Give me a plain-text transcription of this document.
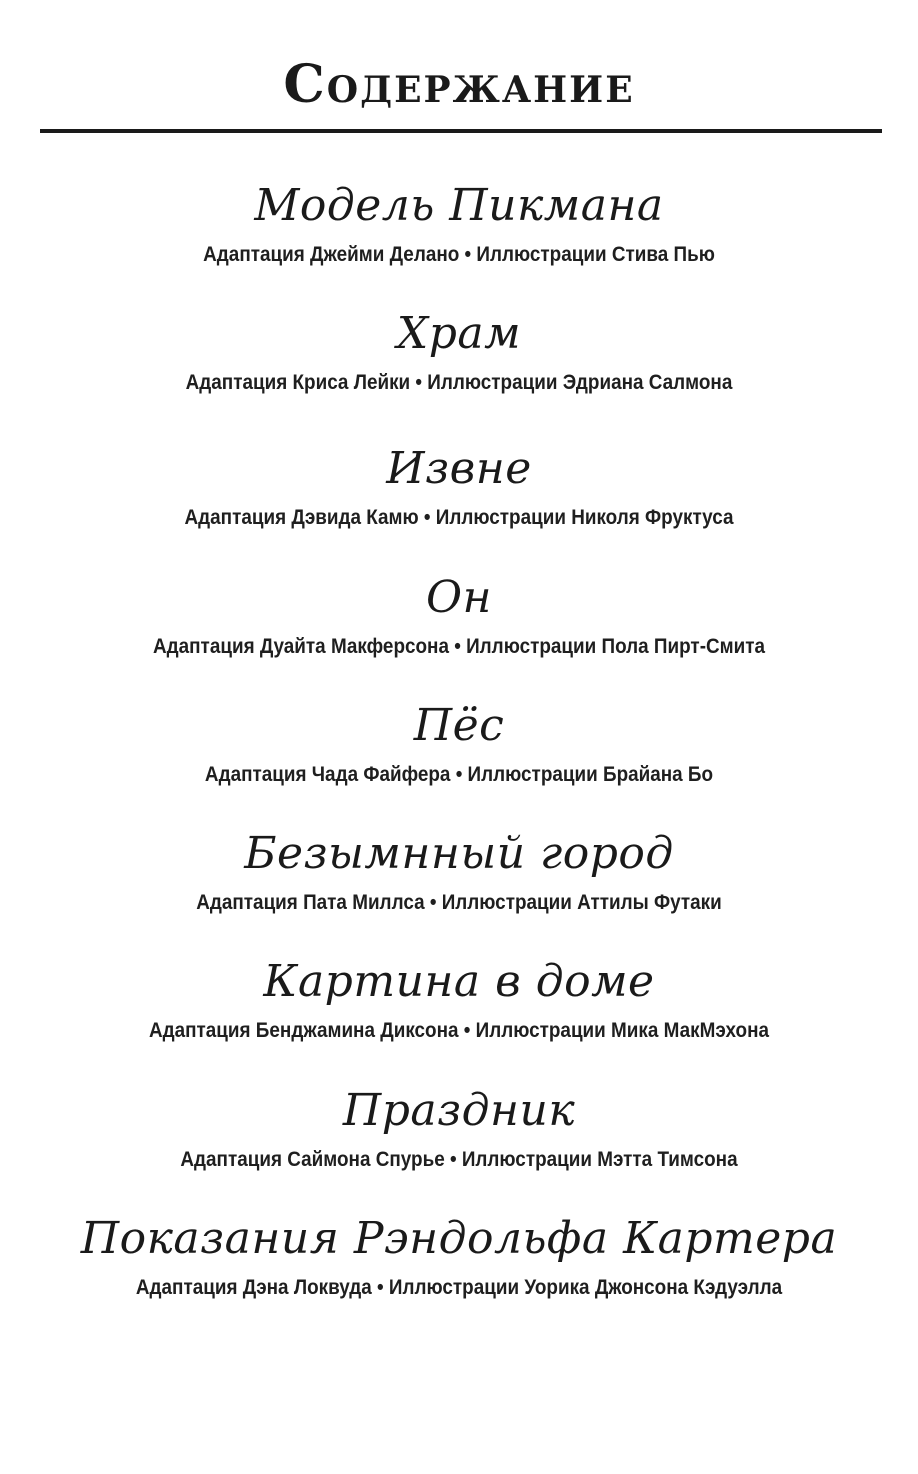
Содержание
Модель Пикмана
Адаптация Джейми Делано • Иллюстрации Стива Пью
Храм
Адаптация Криса Лейки • Иллюстрации Эдриана Салмона
Извне
Адаптация Дэвида Камю • Иллюстрации Николя Фруктуса
Он
Адаптация Дуайта Макферсона • Иллюстрации Пола Пирт-Смита
Пёс
Адаптация Чада Файфера • Иллюстрации Брайана Бо
Безымнный город
Адаптация Пата Миллса • Иллюстрации Аттилы Футаки
Картина в доме
Адаптация Бенджамина Диксона • Иллюстрации Мика МакМэхона
Праздник
Адаптация Саймона Спурье • Иллюстрации Мэтта Тимсона
Показания Рэндольфа Картера
Адаптация Дэна Локвуда • Иллюстрации Уорика Джонсона Кэдуэлла
